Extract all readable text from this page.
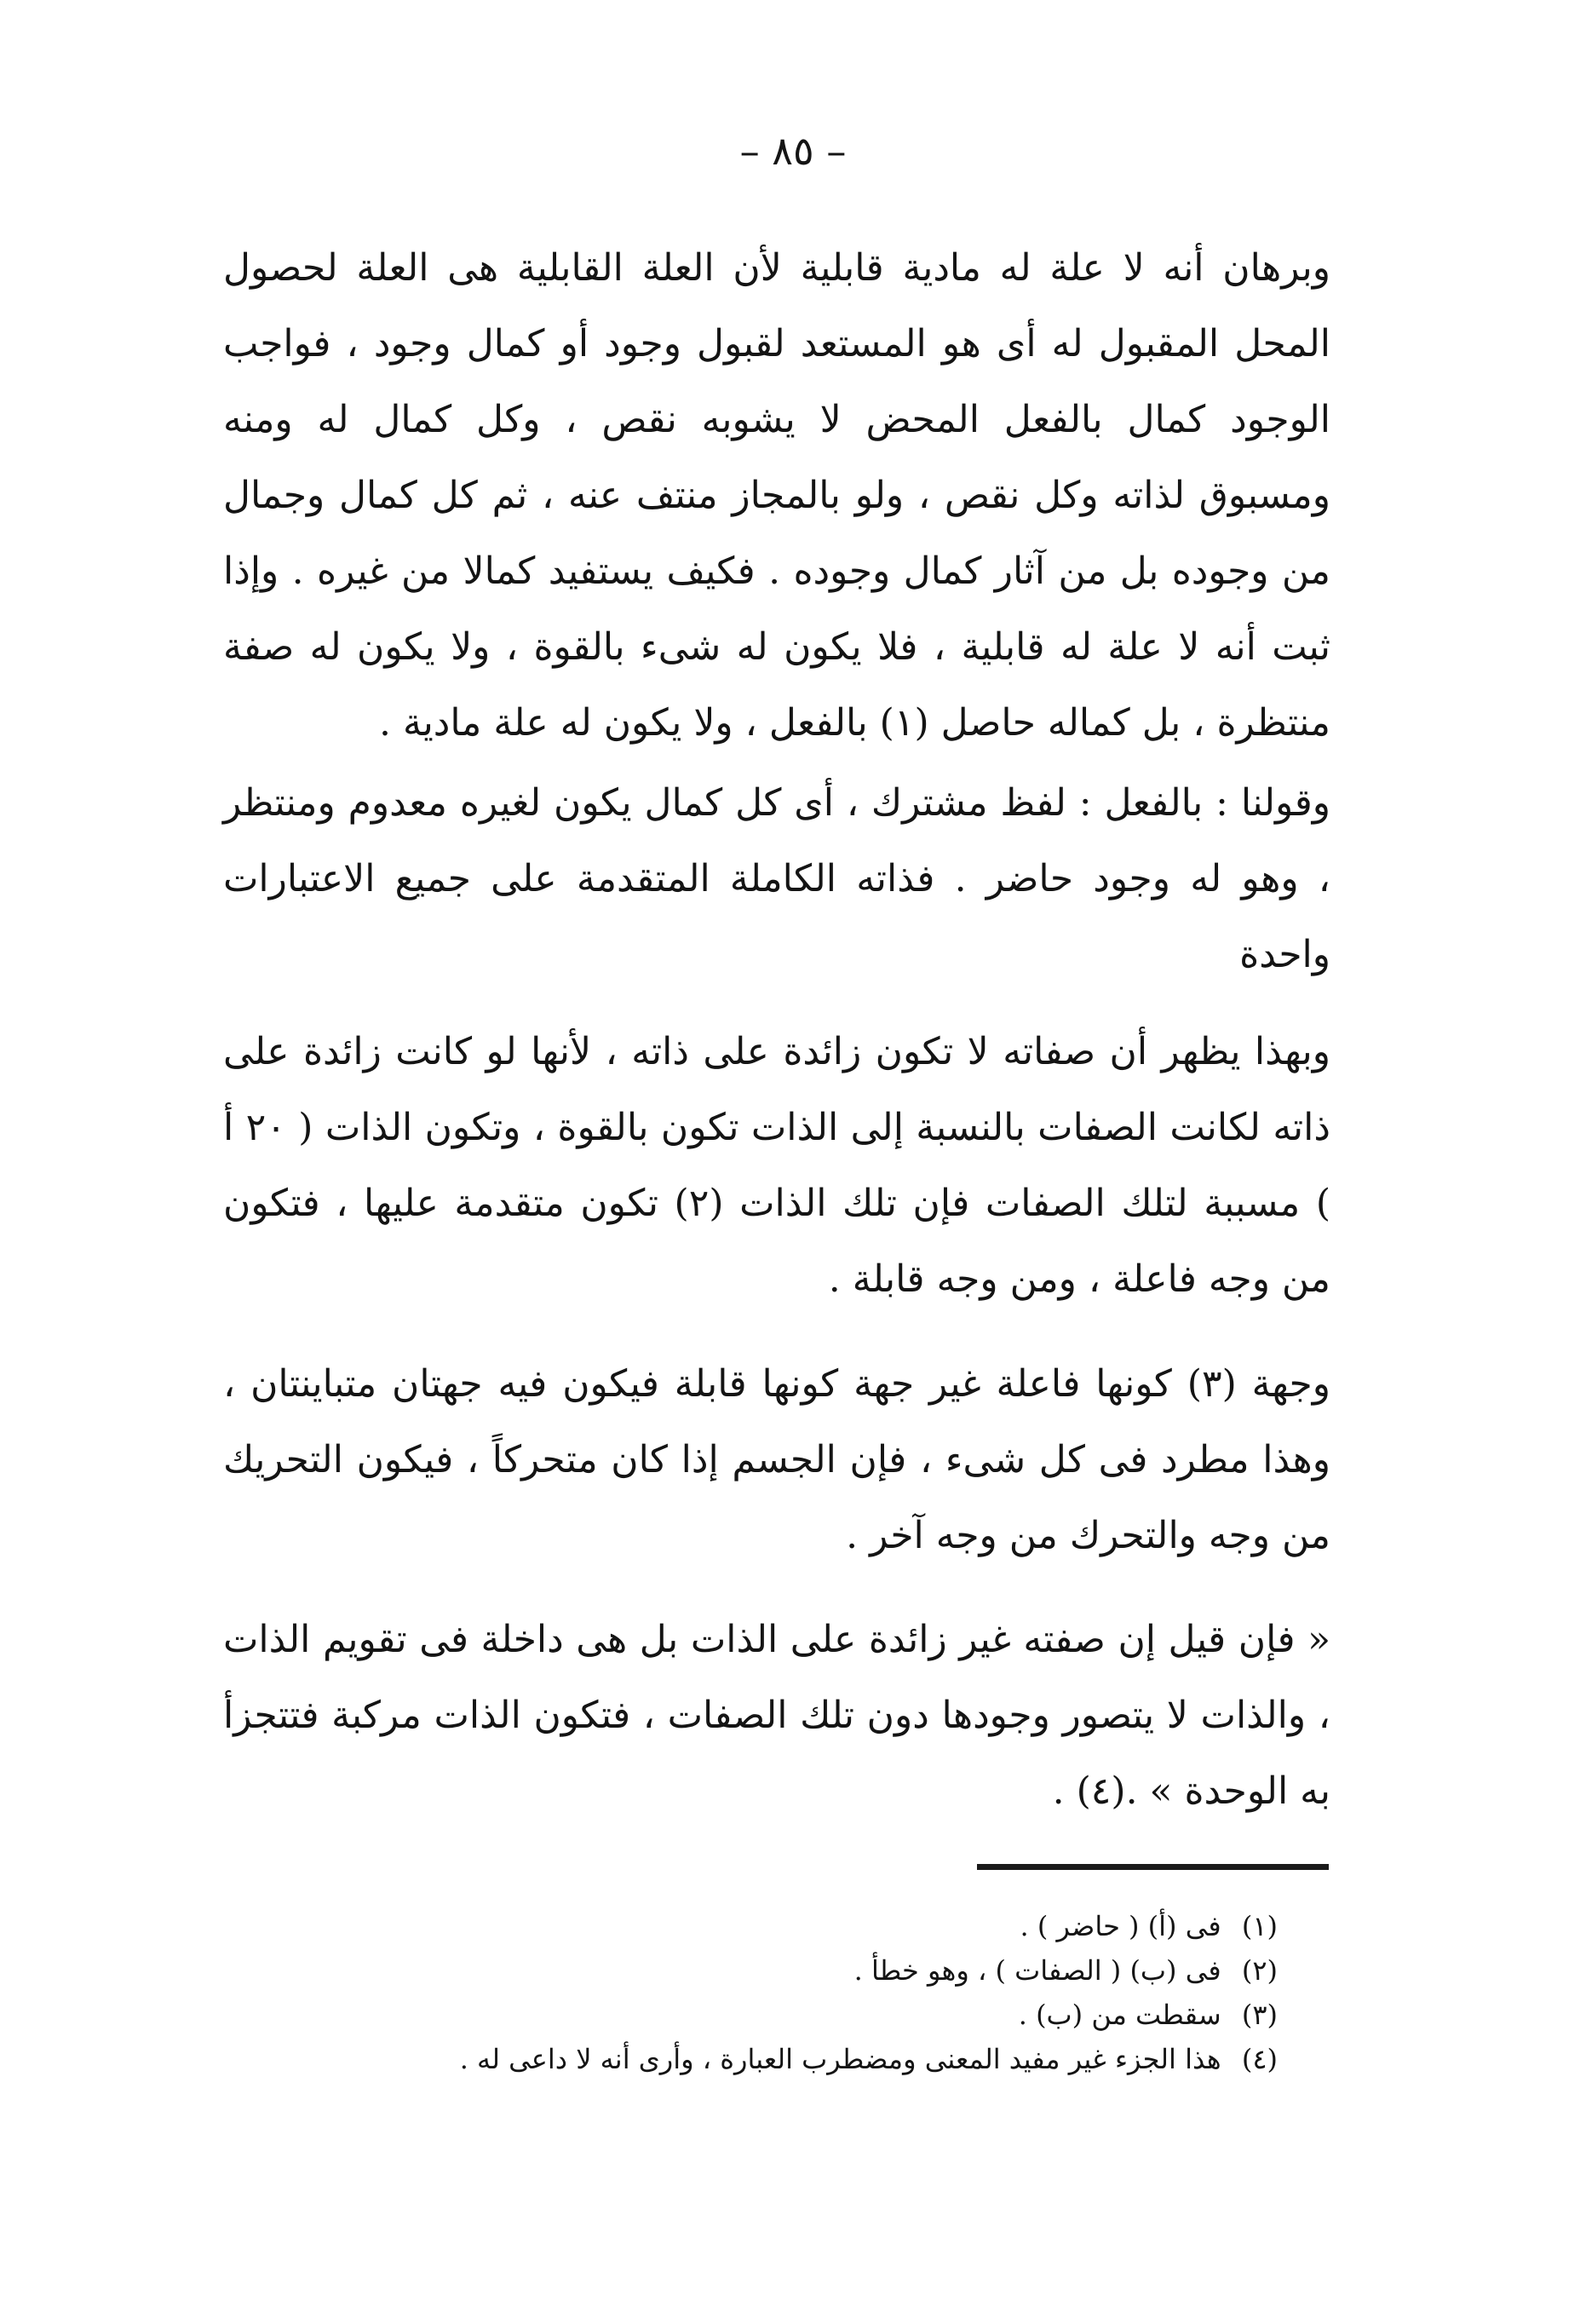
– ٨٥ –

وبرهان أنه لا علة له مادية قابلية لأن العلة القابلية هى العلة لحصول المحل المقبول له أى هو المستعد لقبول وجود أو كمال وجود ، فواجب الوجود كمال بالفعل المحض لا يشوبه نقص ، وكل كمال له ومنه ومسبوق لذاته وكل نقص ، ولو بالمجاز منتف عنه ، ثم كل كمال وجمال من وجوده بل من آثار كمال وجوده . فكيف يستفيد كمالا من غيره . وإذا ثبت أنه لا علة له قابلية ، فلا يكون له شىء بالقوة ، ولا يكون له صفة منتظرة ، بل كماله حاصل (١) بالفعل ، ولا يكون له علة مادية .

وقولنا : بالفعل : لفظ مشترك ، أى كل كمال يكون لغيره معدوم ومنتظر ، وهو له وجود حاضر . فذاته الكاملة المتقدمة على جميع الاعتبارات واحدة

وبهذا يظهر أن صفاته لا تكون زائدة على ذاته ، لأنها لو كانت زائدة على ذاته لكانت الصفات بالنسبة إلى الذات تكون بالقوة ، وتكون الذات ( ٢٠ أ ) مسببة لتلك الصفات فإن تلك الذات (٢) تكون متقدمة عليها ، فتكون من وجه فاعلة ، ومن وجه قابلة .

وجهة (٣) كونها فاعلة غير جهة كونها قابلة فيكون فيه جهتان متباينتان ، وهذا مطرد فى كل شىء ، فإن الجسم إذا كان متحركاً ، فيكون التحريك من وجه والتحرك من وجه آخر .

« فإن قيل إن صفته غير زائدة على الذات بل هى داخلة فى تقويم الذات ، والذات لا يتصور وجودها دون تلك الصفات ، فتكون الذات مركبة فتتجزأ به الوحدة » .(٤) .

(١) فى (أ) ( حاضر ) .

(٢) فى (ب) ( الصفات ) ، وهو خطأ .

(٣) سقطت من (ب) .

(٤) هذا الجزء غير مفيد المعنى ومضطرب العبارة ، وأرى أنه لا داعى له .
